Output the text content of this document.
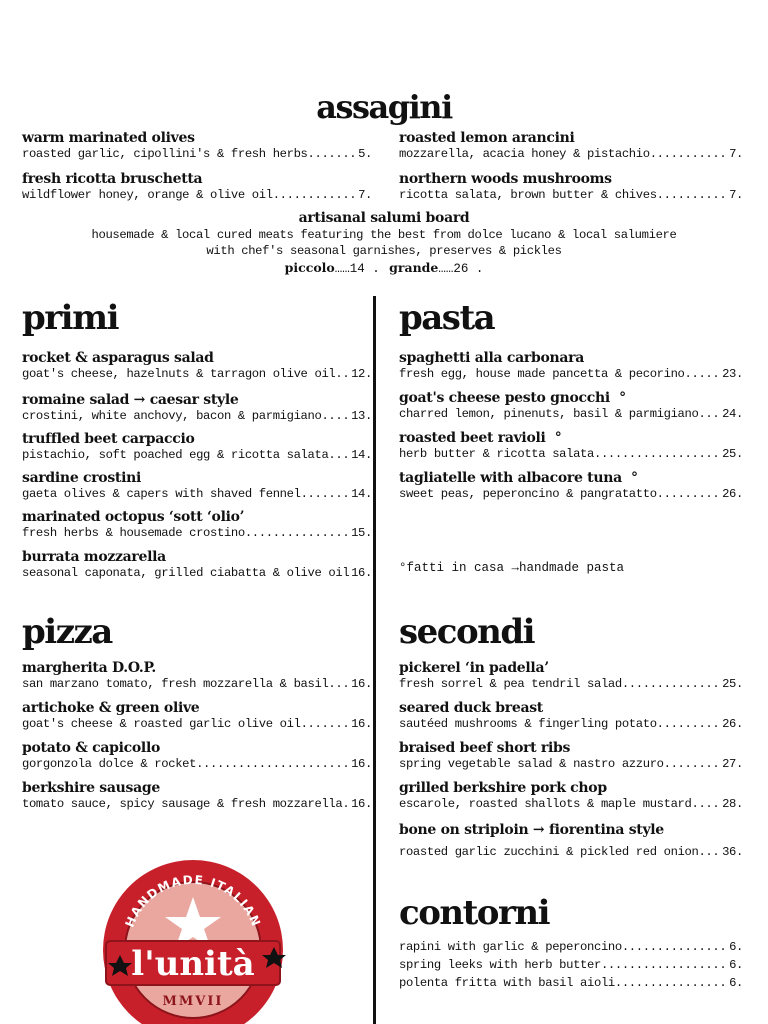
assagini
warm marinated olives
roasted garlic, cipollini's & fresh herbs .....	5.
fresh ricotta bruschetta
wildflower honey, orange & olive oil .....	7.
roasted lemon arancini
mozzarella, acacia honey & pistachio .....	7.
northern woods mushrooms
ricotta salata, brown butter & chives .....	7.
artisanal salumi board
housemade & local cured meats featuring the best from dolce lucano & local salumiere
with chef's seasonal garnishes, preserves & pickles
piccolo……14 . grande……26 .
primi
rocket & asparagus salad
goat's cheese, hazelnuts & tarragon olive oil ..... 12.
romaine salad → caesar style
crostini, white anchovy, bacon & parmigiano ..... 13.
truffled beet carpaccio
pistachio, soft poached egg & ricotta salata ..... 14.
sardine crostini
gaeta olives & capers with shaved fennel .....	14.
marinated octopus ‘sott ‘olio’
fresh herbs & housemade crostino .....	15.
burrata mozzarella
seasonal caponata, grilled ciabatta & olive oil ..... 16.
pasta
spaghetti alla carbonara
fresh egg, house made pancetta & pecorino .....	23.
goat's cheese pesto gnocchi °
charred lemon, pinenuts, basil & parmigiano ..... 24.
roasted beet ravioli °
herb butter & ricotta salata .....	25.
tagliatelle with albacore tuna °
sweet peas, peperoncino & pangratatto .....	26.
°fatti in casa →handmade pasta
pizza
margherita D.O.P.
san marzano tomato, fresh mozzarella & basil ..... 16.
artichoke & green olive
goat's cheese & roasted garlic olive oil .....	16.
potato & capicollo
gorgonzola dolce & rocket .....	16.
berkshire sausage
tomato sauce, spicy sausage & fresh mozzarella ..... 16.
secondi
pickerel ‘in padella’
fresh sorrel & pea tendril salad .....	25.
seared duck breast
sautéed mushrooms & fingerling potato .....	26.
braised beef short ribs
spring vegetable salad & nastro azzuro .....	27.
grilled berkshire pork chop
escarole, roasted shallots & maple mustard .....	28.
bone on striploin → fiorentina style
roasted garlic zucchini & pickled red onion ..... 36.
contorni
rapini with garlic & peperoncino .....	6.
spring leeks with herb butter .....	6.
polenta fritta with basil aioli .....	6.
HANDMADE ITALIAN
l'unità
MMVII
